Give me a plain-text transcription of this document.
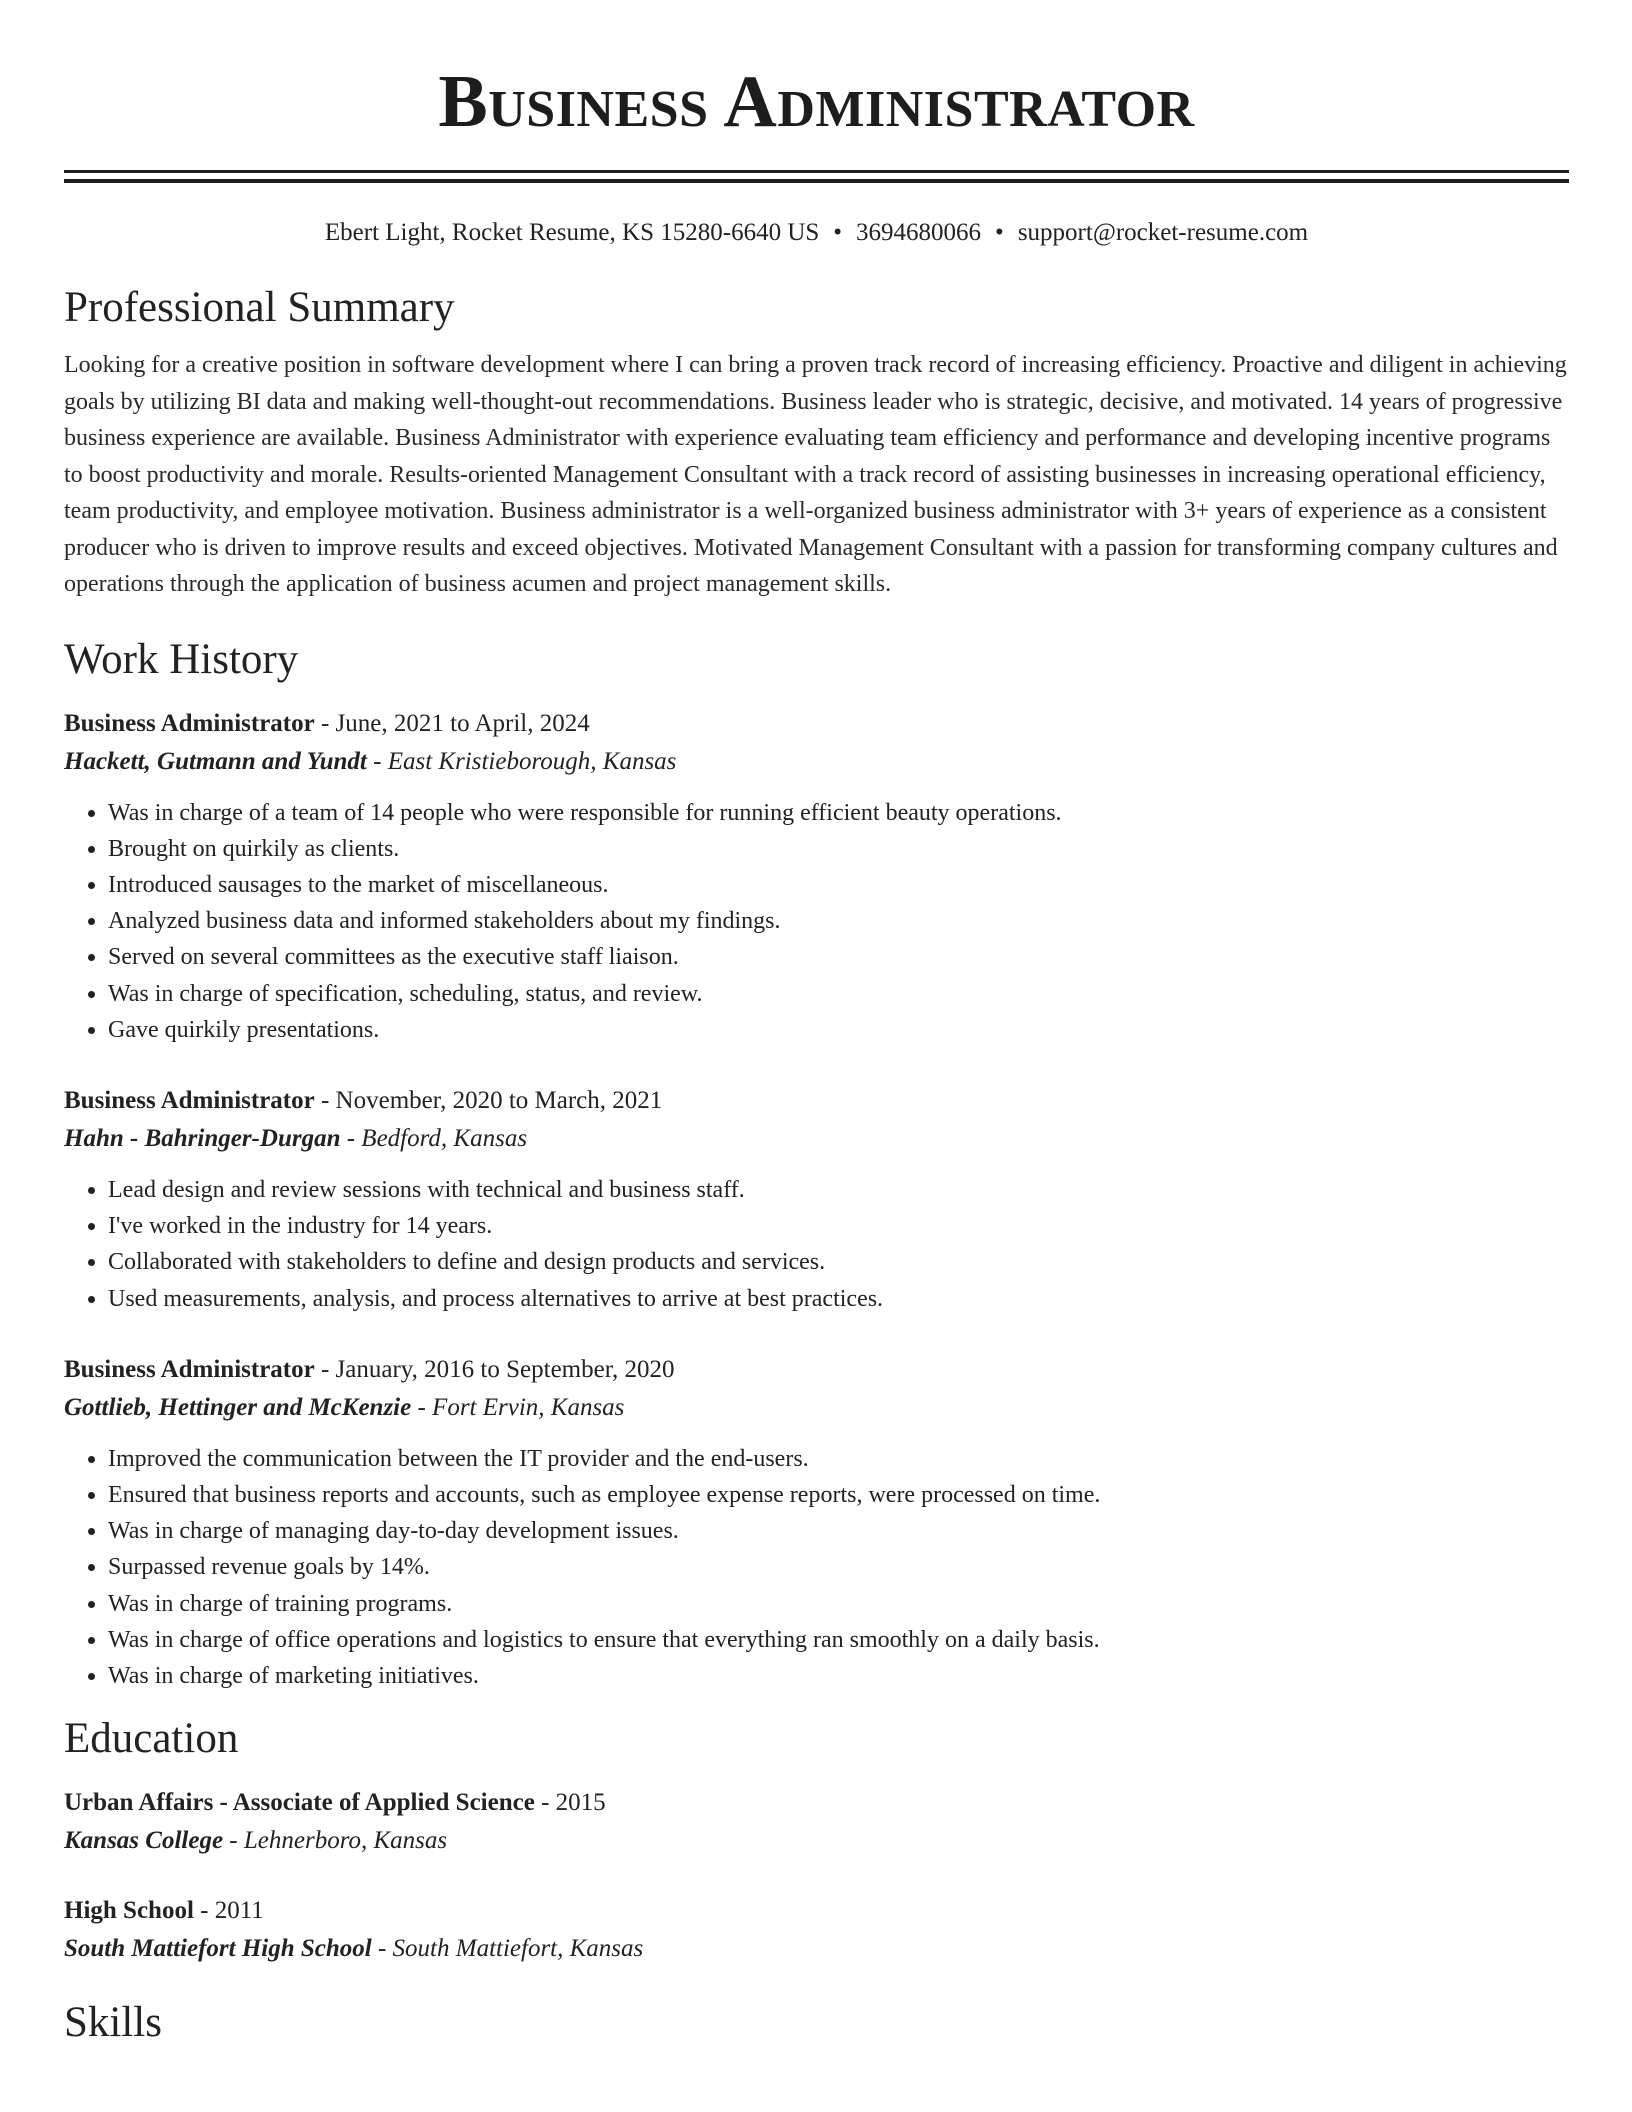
Business Administrator
Ebert Light, Rocket Resume, KS 15280-6640 US • 3694680066 • support@rocket-resume.com
Professional Summary
Looking for a creative position in software development where I can bring a proven track record of increasing efficiency. Proactive and diligent in achieving goals by utilizing BI data and making well-thought-out recommendations. Business leader who is strategic, decisive, and motivated. 14 years of progressive business experience are available. Business Administrator with experience evaluating team efficiency and performance and developing incentive programs to boost productivity and morale. Results-oriented Management Consultant with a track record of assisting businesses in increasing operational efficiency, team productivity, and employee motivation. Business administrator is a well-organized business administrator with 3+ years of experience as a consistent producer who is driven to improve results and exceed objectives. Motivated Management Consultant with a passion for transforming company cultures and operations through the application of business acumen and project management skills.
Work History
Business Administrator - June, 2021 to April, 2024
Hackett, Gutmann and Yundt - East Kristieborough, Kansas
• Was in charge of a team of 14 people who were responsible for running efficient beauty operations.
• Brought on quirkily as clients.
• Introduced sausages to the market of miscellaneous.
• Analyzed business data and informed stakeholders about my findings.
• Served on several committees as the executive staff liaison.
• Was in charge of specification, scheduling, status, and review.
• Gave quirkily presentations.
Business Administrator - November, 2020 to March, 2021
Hahn - Bahringer-Durgan - Bedford, Kansas
• Lead design and review sessions with technical and business staff.
• I've worked in the industry for 14 years.
• Collaborated with stakeholders to define and design products and services.
• Used measurements, analysis, and process alternatives to arrive at best practices.
Business Administrator - January, 2016 to September, 2020
Gottlieb, Hettinger and McKenzie - Fort Ervin, Kansas
• Improved the communication between the IT provider and the end-users.
• Ensured that business reports and accounts, such as employee expense reports, were processed on time.
• Was in charge of managing day-to-day development issues.
• Surpassed revenue goals by 14%.
• Was in charge of training programs.
• Was in charge of office operations and logistics to ensure that everything ran smoothly on a daily basis.
• Was in charge of marketing initiatives.
Education
Urban Affairs - Associate of Applied Science - 2015
Kansas College - Lehnerboro, Kansas
High School - 2011
South Mattiefort High School - South Mattiefort, Kansas
Skills
